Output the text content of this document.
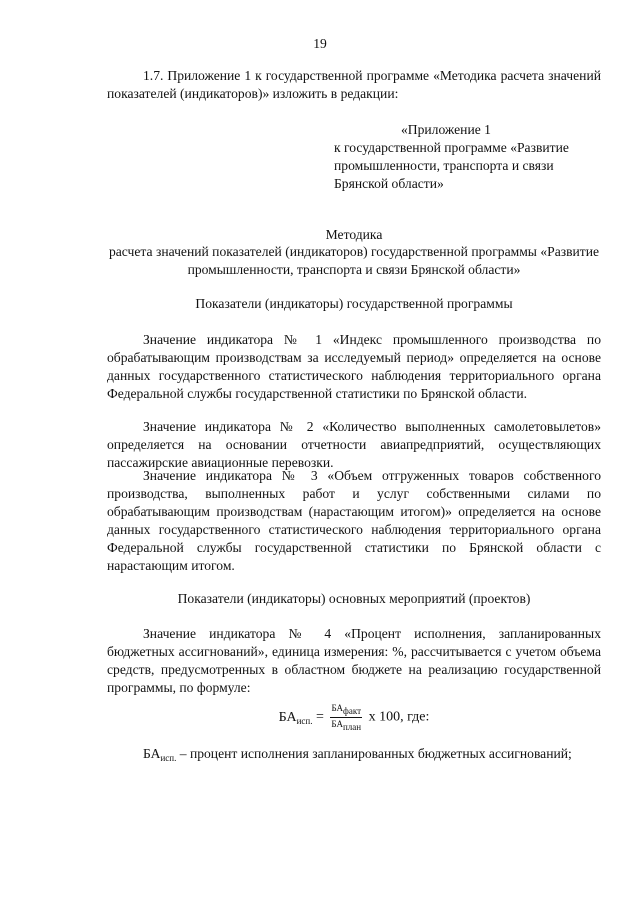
19
1.7. Приложение 1 к государственной программе «Методика расчета значений показателей (индикаторов)» изложить в редакции:
«Приложение 1
к государственной программе «Развитие
промышленности, транспорта и связи
Брянской области»
Методика
расчета значений показателей (индикаторов) государственной программы «Развитие промышленности, транспорта и связи Брянской области»
Показатели (индикаторы) государственной программы
Значение индикатора № 1 «Индекс промышленного производства по обрабатывающим производствам за исследуемый период» определяется на основе данных государственного статистического наблюдения территориального органа Федеральной службы государственной статистики по Брянской области.
Значение индикатора № 2 «Количество выполненных самолетовылетов» определяется на основании отчетности авиапредприятий, осуществляющих пассажирские авиационные перевозки.
Значение индикатора № 3 «Объем отгруженных товаров собственного производства, выполненных работ и услуг собственными силами по обрабатывающим производствам (нарастающим итогом)» определяется на основе данных государственного статистического наблюдения территориального органа Федеральной службы государственной статистики по Брянской области с нарастающим итогом.
Показатели (индикаторы) основных мероприятий (проектов)
Значение индикатора № 4 «Процент исполнения, запланированных бюджетных ассигнований», единица измерения: %, рассчитывается с учетом объема средств, предусмотренных в областном бюджете на реализацию государственной программы, по формуле:
$БА_{исп.} = \frac{БА_{факт}}{БА_{план}}$ х 100, где:
$БА_{исп.}$ – процент исполнения запланированных бюджетных ассигнований;
